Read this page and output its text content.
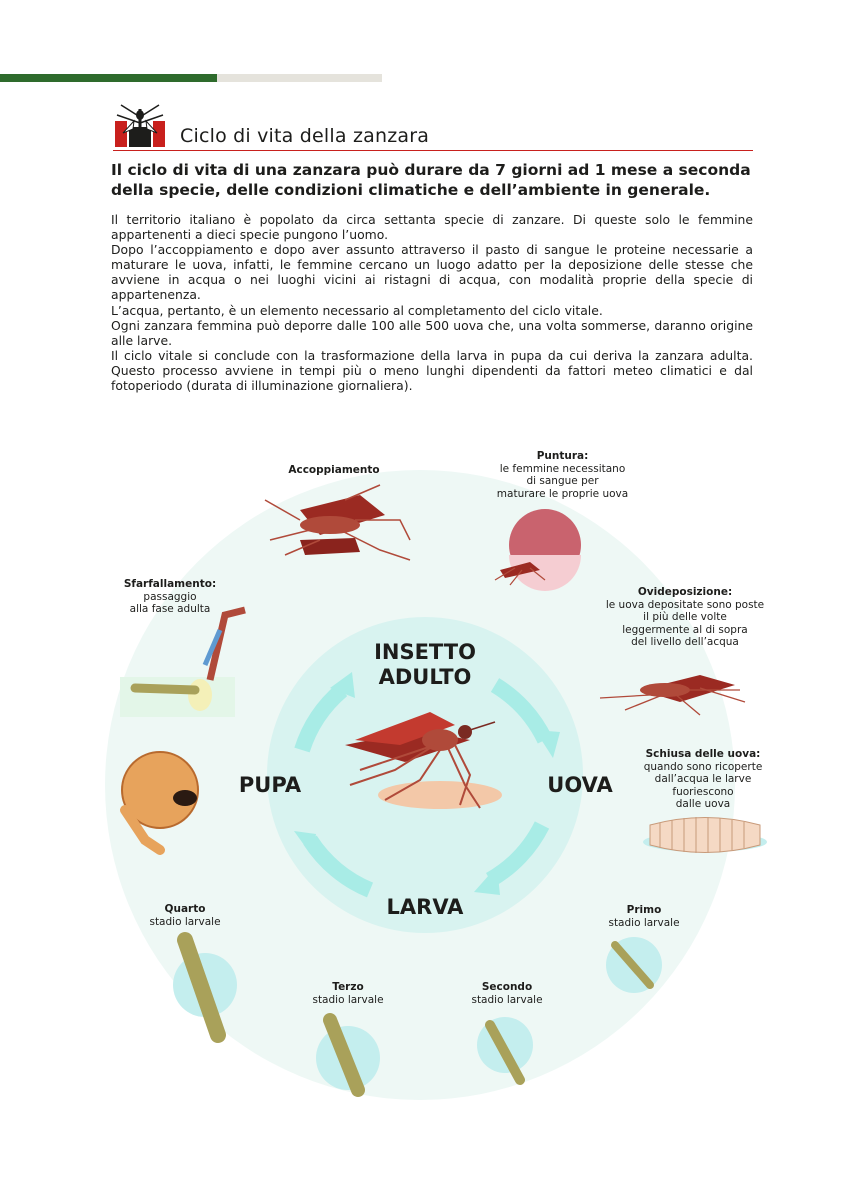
Ciclo di vita della zanzara
Il ciclo di vita di una zanzara può durare da 7 giorni ad 1 mese a seconda della specie, delle condizioni climatiche e dell’ambiente in generale.

Il territorio italiano è popolato da circa settanta specie di zanzare. Di queste solo le femmine appartenenti a dieci specie pungono l’uomo.

Dopo l’accoppiamento e dopo aver assunto attraverso il pasto di sangue le proteine necessarie a maturare le uova, infatti, le femmine cercano un luogo adatto per la deposizione delle stesse che avviene in acqua o nei luoghi vicini ai ristagni di acqua, con modalità proprie della specie di appartenenza.

L’acqua, pertanto, è un elemento necessario al completamento del ciclo vitale.

Ogni zanzara femmina può deporre dalle 100 alle 500 uova che, una volta sommerse, daranno origine alle larve.

Il ciclo vitale si conclude con la trasformazione della larva in pupa da cui deriva la zanzara adulta. Questo processo avviene in tempi più o meno lunghi dipendenti da fattori meteo climatici e dal fotoperiodo (durata di illuminazione giornaliera).

INSETTO
ADULTO
UOVA
LARVA
PUPA
Accoppiamento
Puntura:
le femmine necessitano
di sangue per
maturare le proprie uova
Ovideposizione:
le uova depositate sono poste
il più delle volte
leggermente al di sopra
del livello dell’acqua
Schiusa delle uova:
quando sono ricoperte
dall’acqua le larve
fuoriescono
dalle uova
Primo
stadio larvale
Secondo
stadio larvale
Terzo
stadio larvale
Quarto
stadio larvale
Sfarfallamento:
passaggio
alla fase adulta
